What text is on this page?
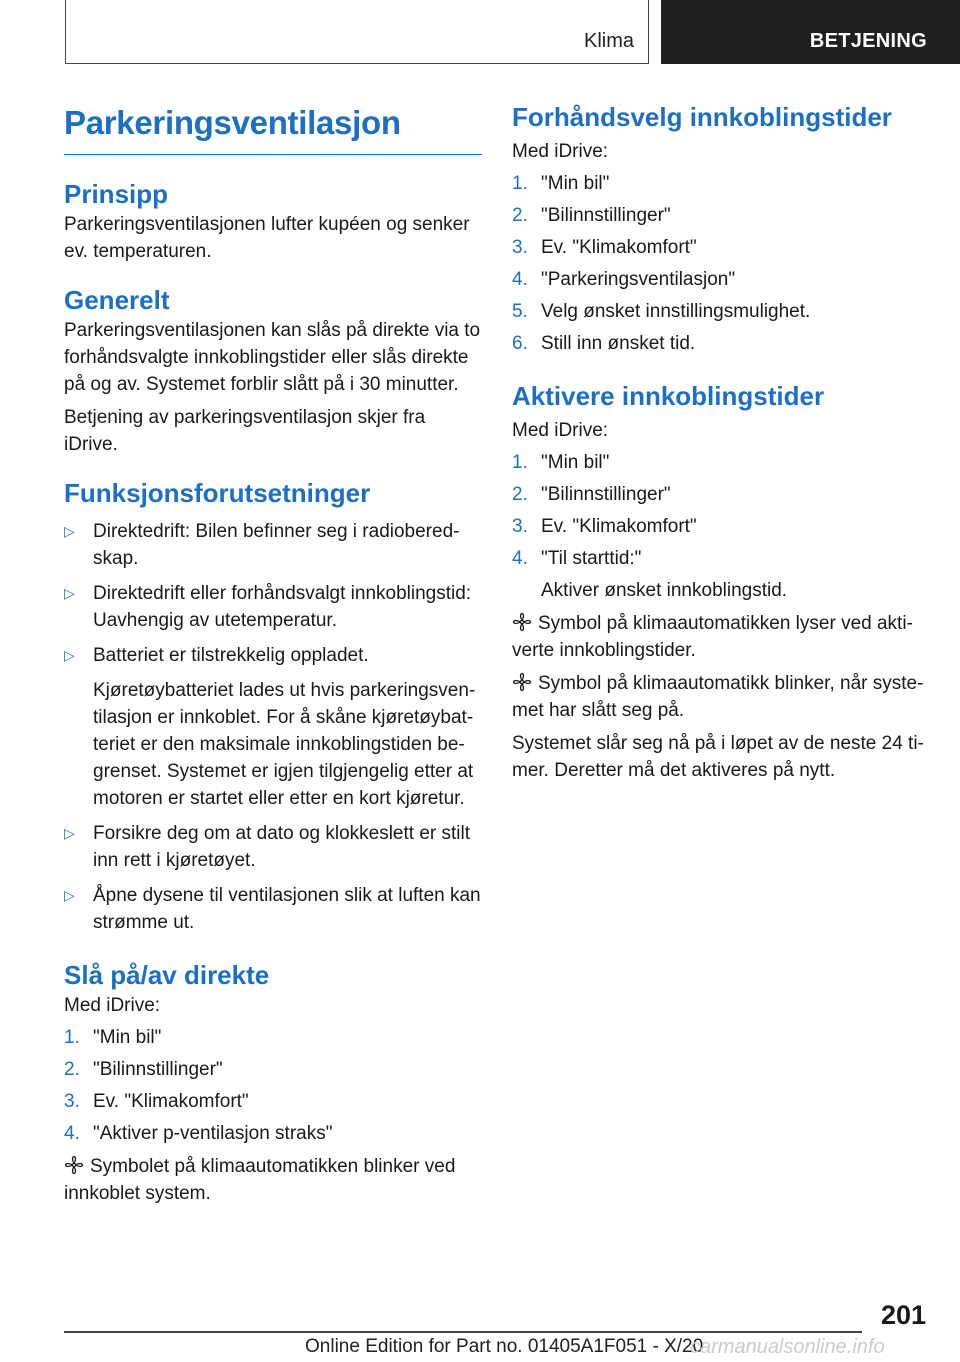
Klima	BETJENING
Parkeringsventilasjon
Prinsipp

Parkeringsventilasjonen lufter kupéen og senker ev. temperaturen.

Generelt

Parkeringsventilasjonen kan slås på direkte via to forhåndsvalgte innkoblingstider eller slås direkte på og av. Systemet forblir slått på i 30 minutter.

Betjening av parkeringsventilasjon skjer fra iDrive.

Funksjonsforutsetninger
▷ Direktedrift: Bilen befinner seg i radiobered-skap.
▷ Direktedrift eller forhåndsvalgt innkoblingstid: Uavhengig av utetemperatur.
▷ Batteriet er tilstrekkelig oppladet.
Kjøretøybatteriet lades ut hvis parkeringsven-tilasjon er innkoblet. For å skåne kjøretøybat-teriet er den maksimale innkoblingstiden be-grenset. Systemet er igjen tilgjengelig etter at motoren er startet eller etter en kort kjøretur.
▷ Forsikre deg om at dato og klokkeslett er stilt inn rett i kjøretøyet.
▷ Åpne dysene til ventilasjonen slik at luften kan strømme ut.
Slå på/av direkte

Med iDrive:

1. "Min bil"
2. "Bilinnstillinger"
3. Ev. "Klimakomfort"
4. "Aktiver p-ventilasjon straks"

Symbolet på klimaautomatikken blinker ved innkoblet system.

Forhåndsvelg innkoblingstider

Med iDrive:

1. "Min bil"
2. "Bilinnstillinger"
3. Ev. "Klimakomfort"
4. "Parkeringsventilasjon"
5. Velg ønsket innstillingsmulighet.
6. Still inn ønsket tid.
Aktivere innkoblingstider

Med iDrive:

1. "Min bil"
2. "Bilinnstillinger"
3. Ev. "Klimakomfort"
4. "Til starttid:"
Aktiver ønsket innkoblingstid.

Symbol på klimaautomatikken lyser ved akti-verte innkoblingstider.

Symbol på klimaautomatikk blinker, når syste-met har slått seg på.

Systemet slår seg nå på i løpet av de neste 24 ti-mer. Deretter må det aktiveres på nytt.

201
Online Edition for Part no. 01405A1F051 - X/20
carmanualsonline.info
